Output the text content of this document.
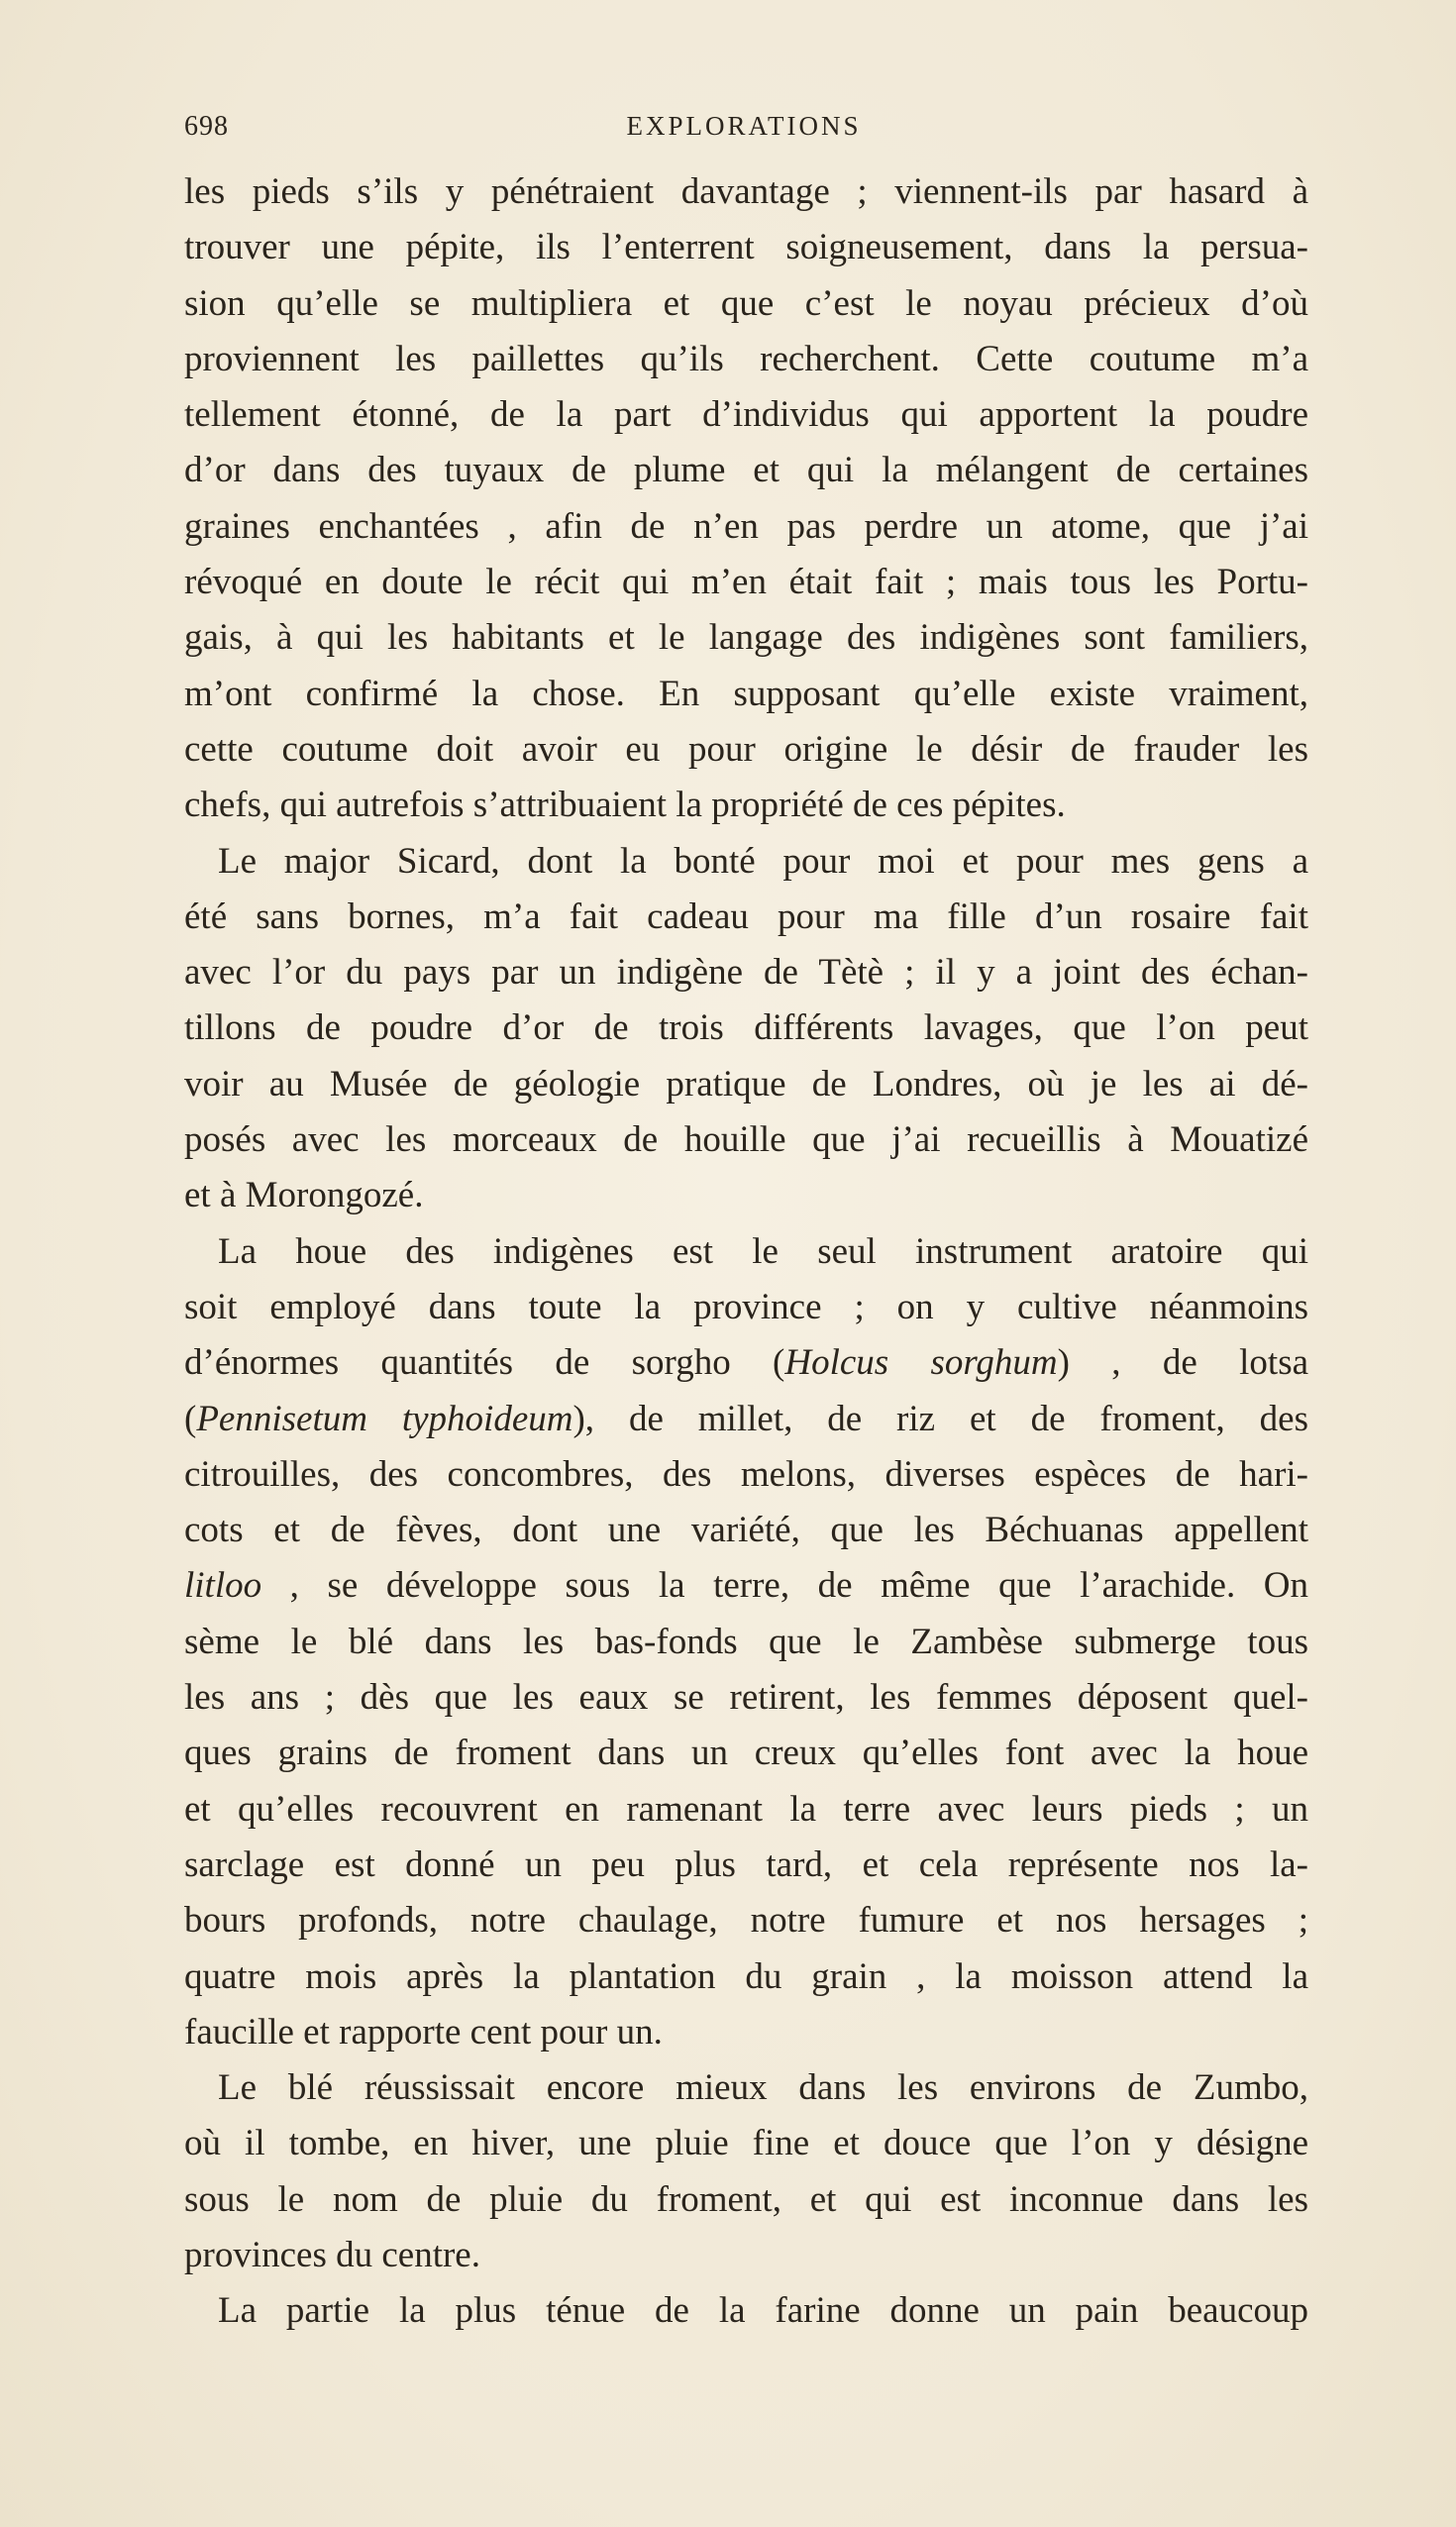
698	EXPLORATIONS
les pieds s’ils y pénétraient davantage ; viennent-ils par hasard à
trouver une pépite, ils l’enterrent soigneusement, dans la persua-
sion qu’elle se multipliera et que c’est le noyau précieux d’où
proviennent les paillettes qu’ils recherchent. Cette coutume m’a
tellement étonné, de la part d’individus qui apportent la poudre
d’or dans des tuyaux de plume et qui la mélangent de certaines
graines enchantées , afin de n’en pas perdre un atome, que j’ai
révoqué en doute le récit qui m’en était fait ; mais tous les Portu-
gais, à qui les habitants et le langage des indigènes sont familiers,
m’ont confirmé la chose. En supposant qu’elle existe vraiment,
cette coutume doit avoir eu pour origine le désir de frauder les
chefs, qui autrefois s’attribuaient la propriété de ces pépites.
Le major Sicard, dont la bonté pour moi et pour mes gens a
été sans bornes, m’a fait cadeau pour ma fille d’un rosaire fait
avec l’or du pays par un indigène de Tètè ; il y a joint des échan-
tillons de poudre d’or de trois différents lavages, que l’on peut
voir au Musée de géologie pratique de Londres, où je les ai dé-
posés avec les morceaux de houille que j’ai recueillis à Mouatizé
et à Morongozé.
La houe des indigènes est le seul instrument aratoire qui
soit employé dans toute la province ; on y cultive néanmoins
d’énormes quantités de sorgho (Holcus sorghum) , de lotsa
(Pennisetum typhoideum), de millet, de riz et de froment, des
citrouilles, des concombres, des melons, diverses espèces de hari-
cots et de fèves, dont une variété, que les Béchuanas appellent
litloo , se développe sous la terre, de même que l’arachide. On
sème le blé dans les bas-fonds que le Zambèse submerge tous
les ans ; dès que les eaux se retirent, les femmes déposent quel-
ques grains de froment dans un creux qu’elles font avec la houe
et qu’elles recouvrent en ramenant la terre avec leurs pieds ; un
sarclage est donné un peu plus tard, et cela représente nos la-
bours profonds, notre chaulage, notre fumure et nos hersages ;
quatre mois après la plantation du grain , la moisson attend la
faucille et rapporte cent pour un.
Le blé réussissait encore mieux dans les environs de Zumbo,
où il tombe, en hiver, une pluie fine et douce que l’on y désigne
sous le nom de pluie du froment, et qui est inconnue dans les
provinces du centre.
La partie la plus ténue de la farine donne un pain beaucoup
